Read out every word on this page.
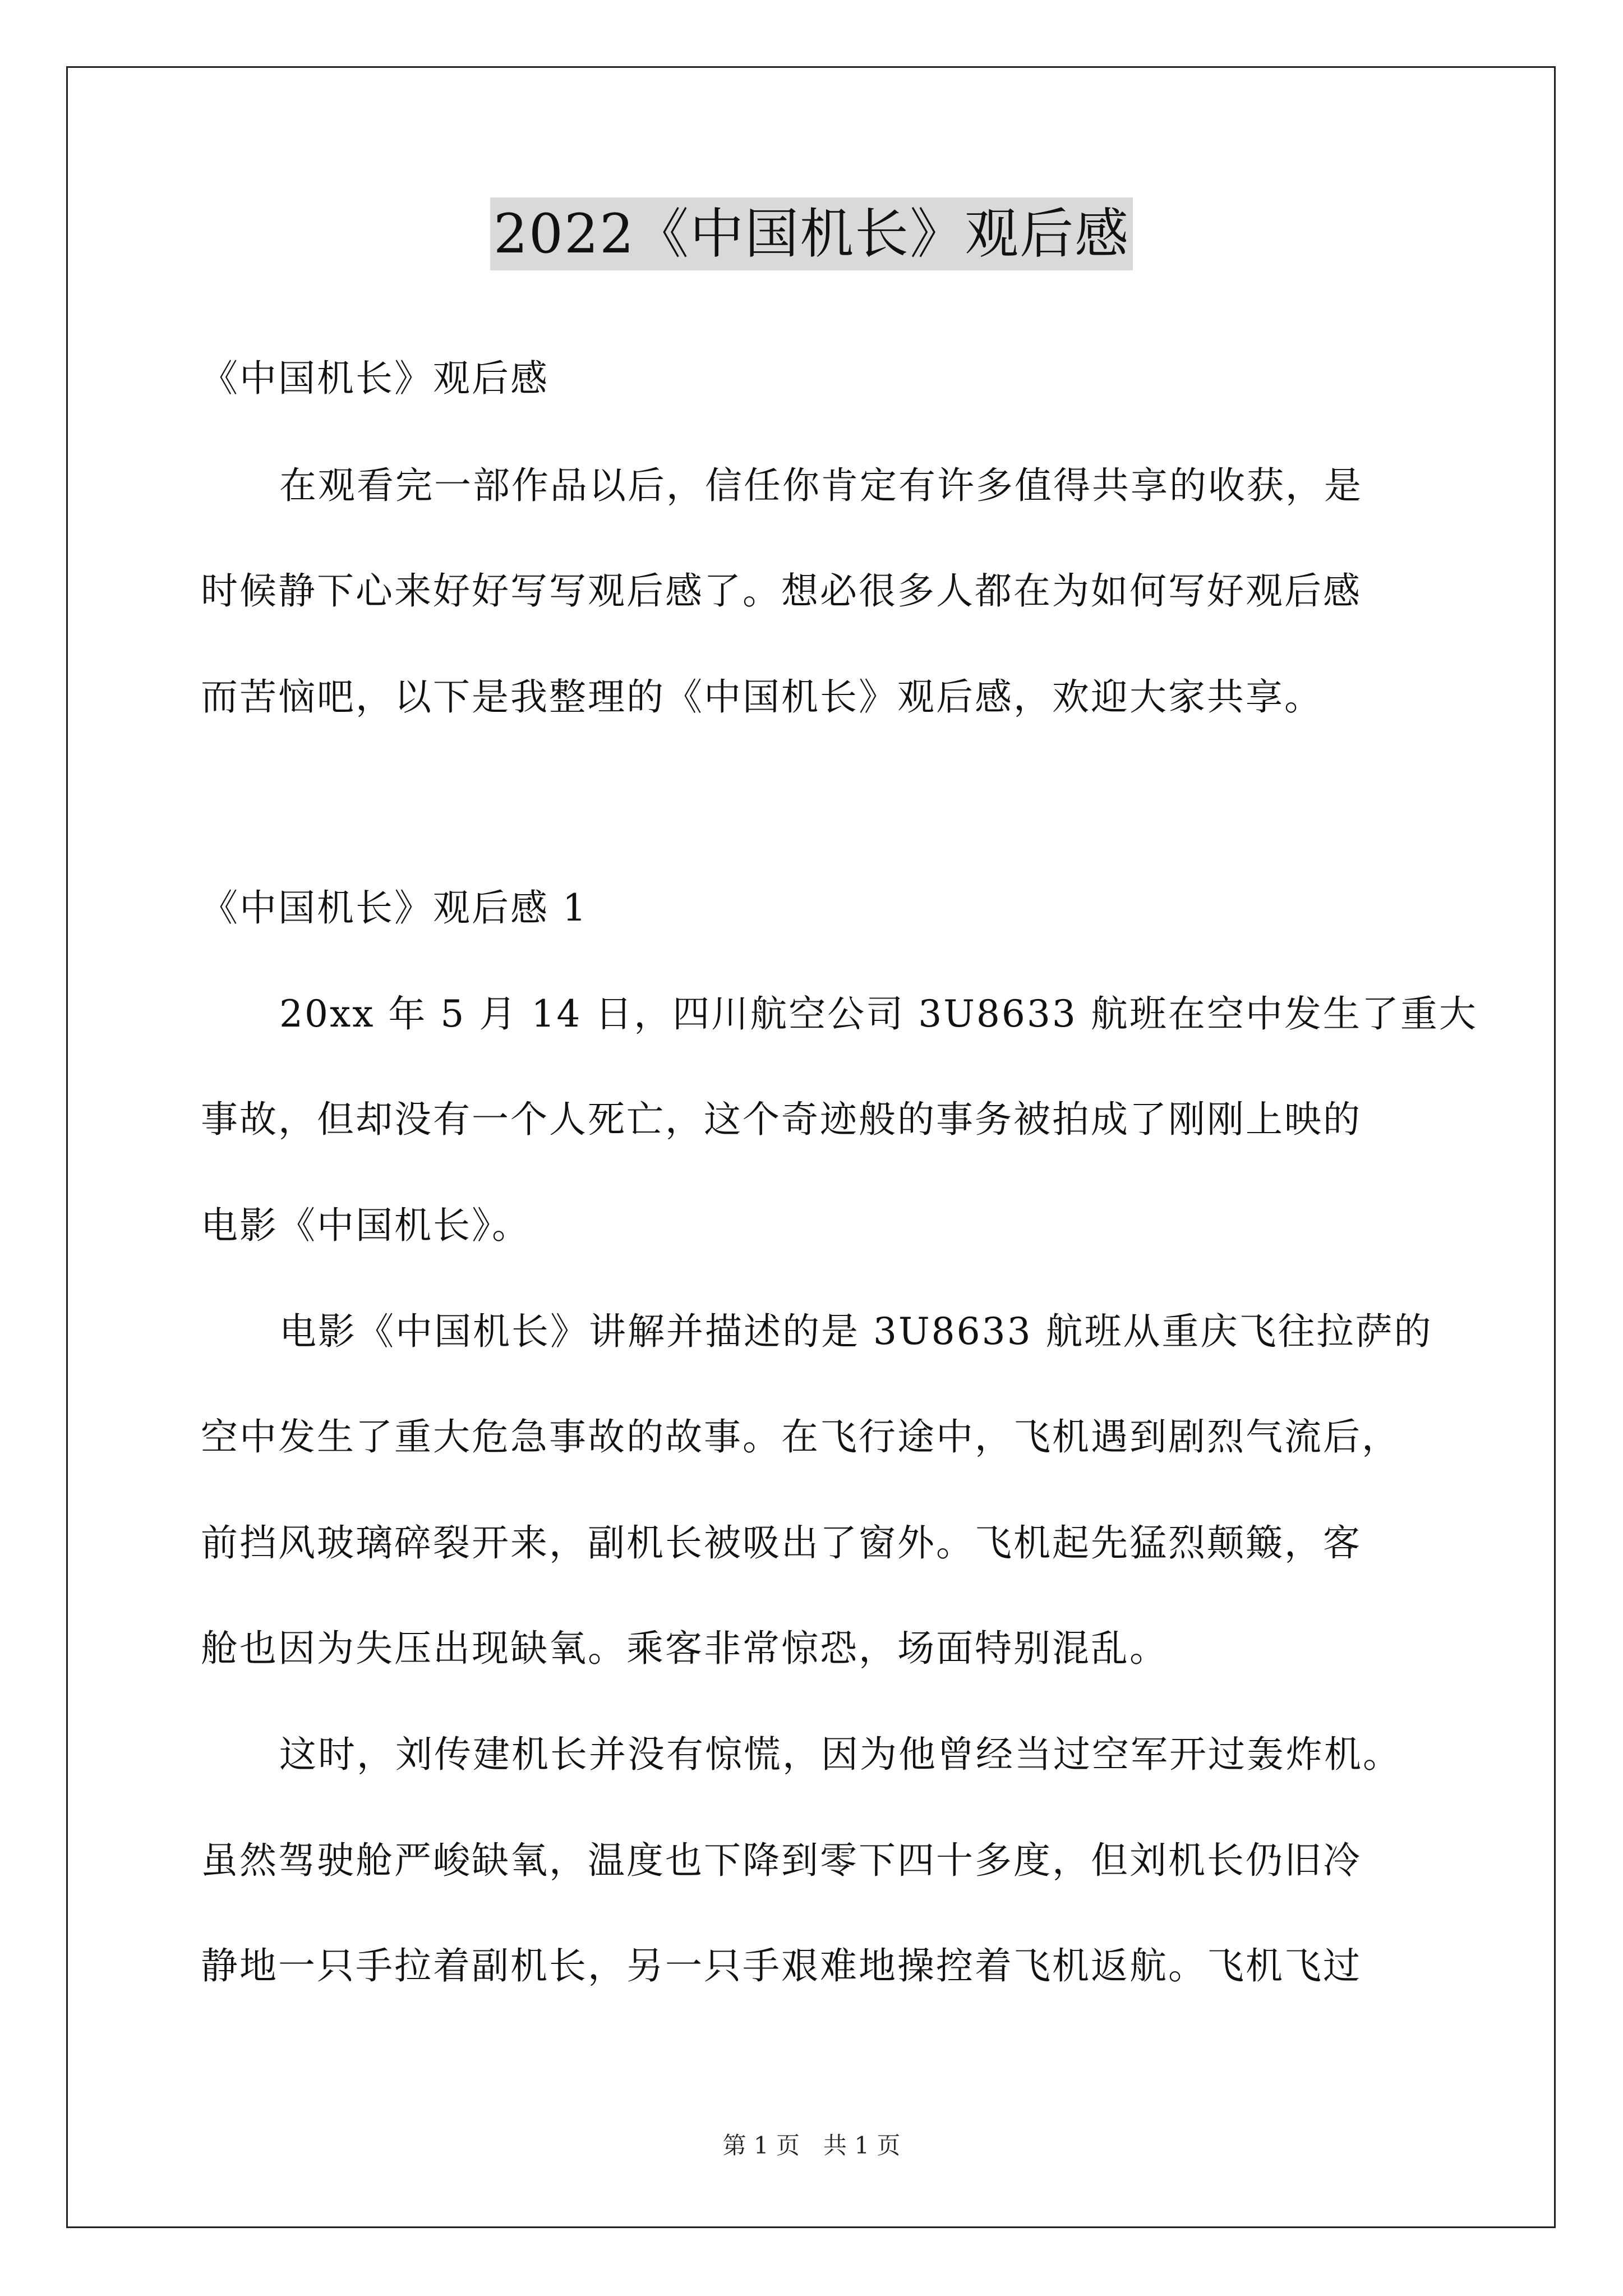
2022《中国机长》观后感
《中国机长》观后感
在观看完一部作品以后，信任你肯定有许多值得共享的收获，是
时候静下心来好好写写观后感了。想必很多人都在为如何写好观后感
而苦恼吧，以下是我整理的《中国机长》观后感，欢迎大家共享。
《中国机长》观后感 1
20xx 年 5 月 14 日，四川航空公司 3U8633 航班在空中发生了重大
事故，但却没有一个人死亡，这个奇迹般的事务被拍成了刚刚上映的
电影《中国机长》。
电影《中国机长》讲解并描述的是 3U8633 航班从重庆飞往拉萨的
空中发生了重大危急事故的故事。在飞行途中，飞机遇到剧烈气流后，
前挡风玻璃碎裂开来，副机长被吸出了窗外。飞机起先猛烈颠簸，客
舱也因为失压出现缺氧。乘客非常惊恐，场面特别混乱。
这时，刘传建机长并没有惊慌，因为他曾经当过空军开过轰炸机。
虽然驾驶舱严峻缺氧，温度也下降到零下四十多度，但刘机长仍旧冷
静地一只手拉着副机长，另一只手艰难地操控着飞机返航。飞机飞过
第 1 页　共 1 页
